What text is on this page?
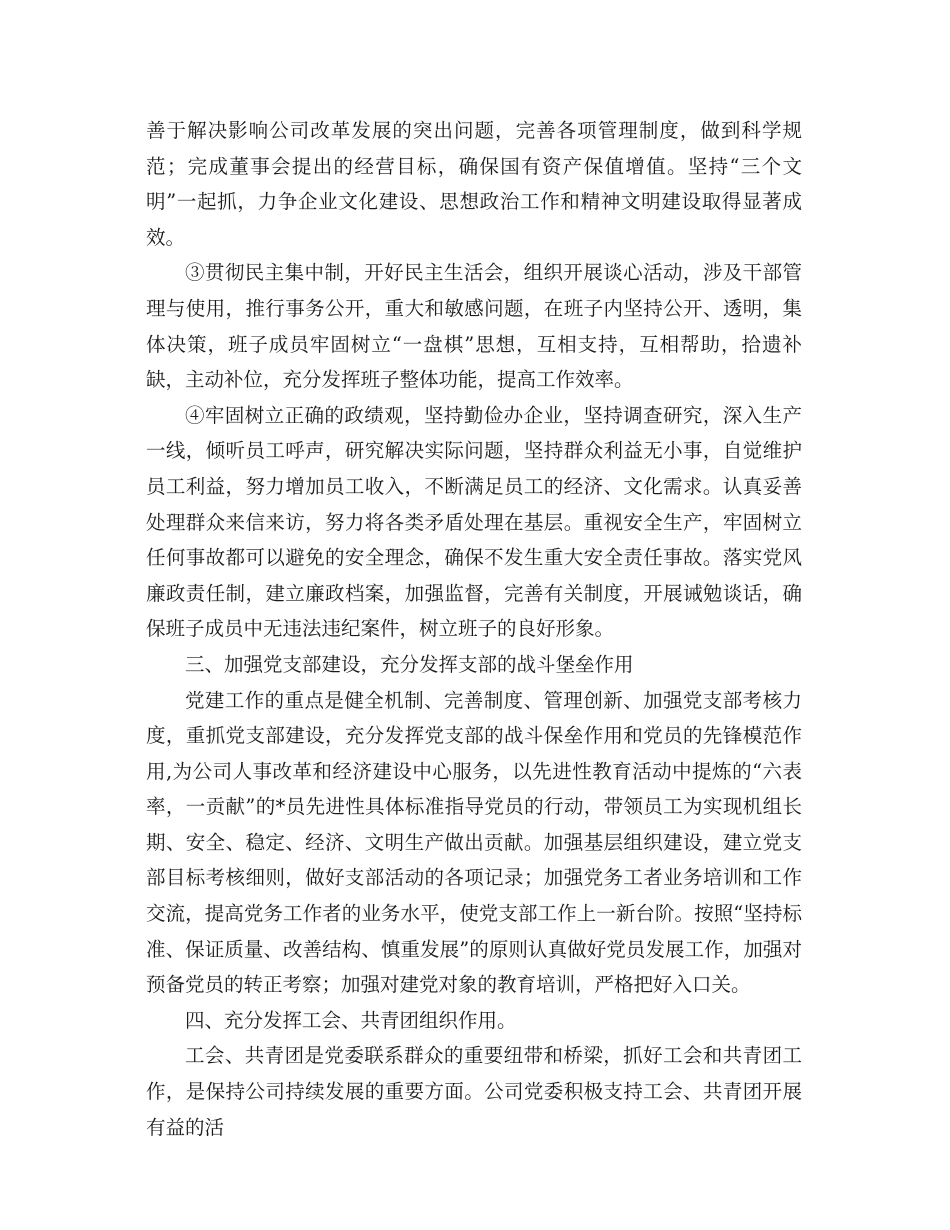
善于解决影响公司改革发展的突出问题，完善各项管理制度，做到科学规范；完成董事会提出的经营目标，确保国有资产保值增值。坚持“三个文明”一起抓，力争企业文化建设、思想政治工作和精神文明建设取得显著成效。

③贯彻民主集中制，开好民主生活会，组织开展谈心活动，涉及干部管理与使用，推行事务公开，重大和敏感问题，在班子内坚持公开、透明，集体决策，班子成员牢固树立“一盘棋”思想，互相支持，互相帮助，拾遗补缺，主动补位，充分发挥班子整体功能，提高工作效率。

④牢固树立正确的政绩观，坚持勤俭办企业，坚持调查研究，深入生产一线，倾听员工呼声，研究解决实际问题，坚持群众利益无小事，自觉维护员工利益，努力增加员工收入，不断满足员工的经济、文化需求。认真妥善处理群众来信来访，努力将各类矛盾处理在基层。重视安全生产，牢固树立任何事故都可以避免的安全理念，确保不发生重大安全责任事故。落实党风廉政责任制，建立廉政档案，加强监督，完善有关制度，开展诫勉谈话，确保班子成员中无违法违纪案件，树立班子的良好形象。

三、加强党支部建设，充分发挥支部的战斗堡垒作用

党建工作的重点是健全机制、完善制度、管理创新、加强党支部考核力度，重抓党支部建设，充分发挥党支部的战斗保垒作用和党员的先锋模范作用,为公司人事改革和经济建设中心服务，以先进性教育活动中提炼的“六表率，一贡献”的*员先进性具体标准指导党员的行动，带领员工为实现机组长期、安全、稳定、经济、文明生产做出贡献。加强基层组织建设，建立党支部目标考核细则，做好支部活动的各项记录；加强党务工者业务培训和工作交流，提高党务工作者的业务水平，使党支部工作上一新台阶。按照“坚持标准、保证质量、改善结构、慎重发展”的原则认真做好党员发展工作，加强对预备党员的转正考察；加强对建党对象的教育培训，严格把好入口关。

四、充分发挥工会、共青团组织作用。

工会、共青团是党委联系群众的重要纽带和桥梁，抓好工会和共青团工作，是保持公司持续发展的重要方面。公司党委积极支持工会、共青团开展有益的活
